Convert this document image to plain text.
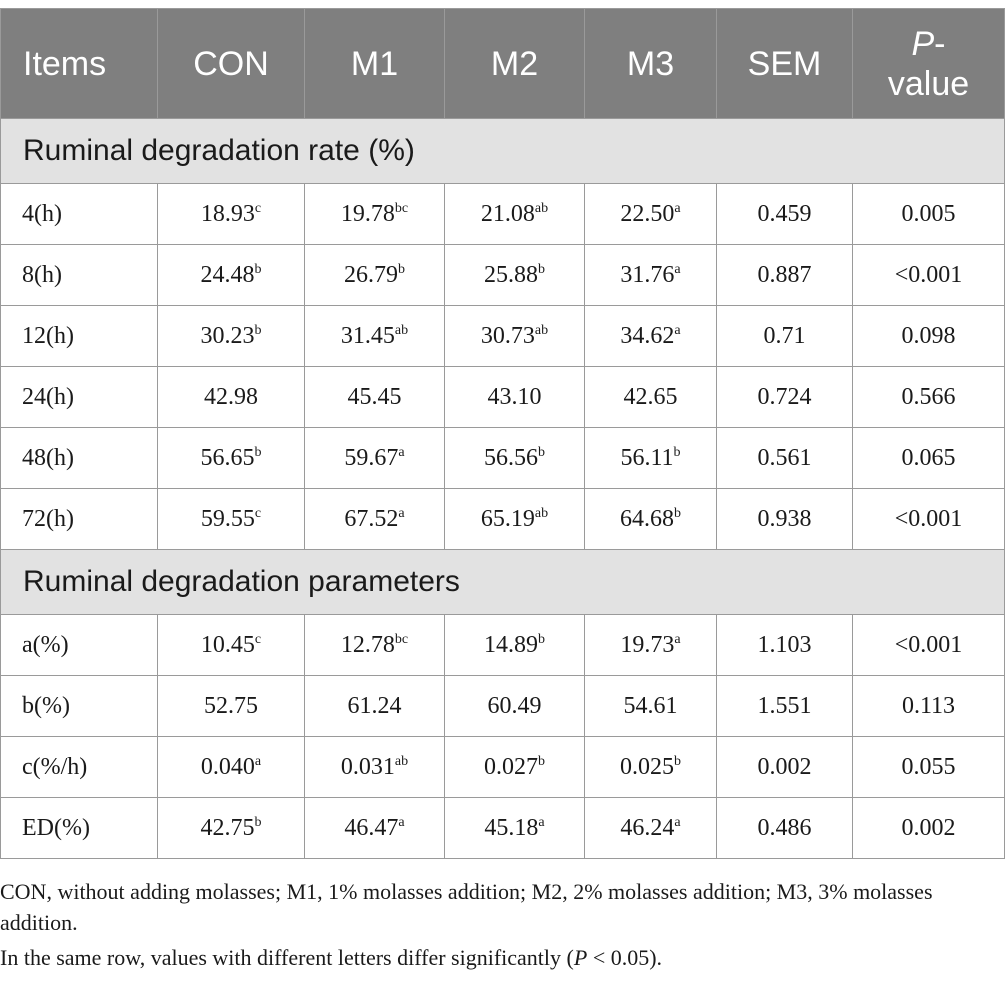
Items	CON	M1	M2	M3	SEM	P-
value
Ruminal degradation rate (%)						
4(h)	18.93$^c$	19.78$^{bc}$	21.08$^{ab}$	22.50$^a$	0.459	0.005
8(h)	24.48$^b$	26.79$^b$	25.88$^b$	31.76$^a$	0.887	<0.001
12(h)	30.23$^b$	31.45$^{ab}$	30.73$^{ab}$	34.62$^a$	0.71	0.098
24(h)	42.98	45.45	43.10	42.65	0.724	0.566
48(h)	56.65$^b$	59.67$^a$	56.56$^b$	56.11$^b$	0.561	0.065
72(h)	59.55$^c$	67.52$^a$	65.19$^{ab}$	64.68$^b$	0.938	<0.001
Ruminal degradation parameters						
a(%)	10.45$^c$	12.78$^{bc}$	14.89$^b$	19.73$^a$	1.103	<0.001
b(%)	52.75	61.24	60.49	54.61	1.551	0.113
c(%/h)	0.040$^a$	0.031$^{ab}$	0.027$^b$	0.025$^b$	0.002	0.055
ED(%)	42.75$^b$	46.47$^a$	45.18$^a$	46.24$^a$	0.486	0.002

CON, without adding molasses; M1, 1% molasses addition; M2, 2% molasses addition; M3, 3% molasses addition.

In the same row, values with different letters differ significantly (P < 0.05).
